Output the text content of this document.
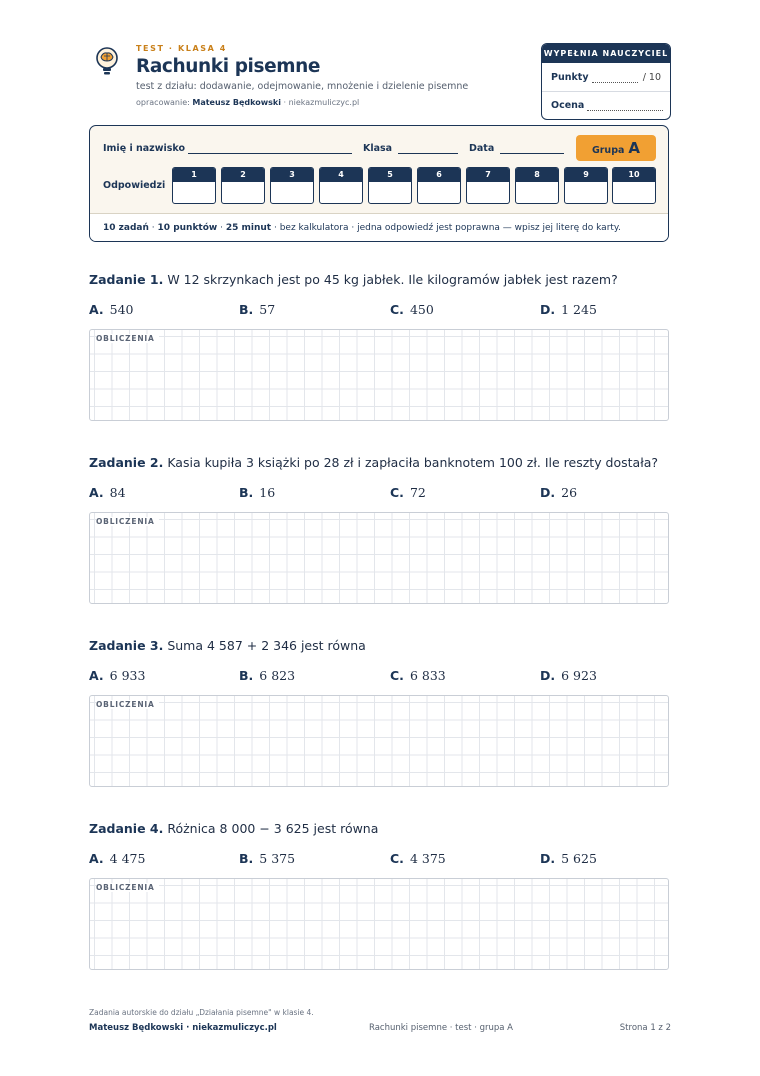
TEST · KLASA 4
Rachunki pisemne
test z działu: dodawanie, odejmowanie, mnożenie i dzielenie pisemne
opracowanie: Mateusz Będkowski · niekazmuliczyc.pl
WYPEŁNIA NAUCZYCIEL
Punkty	/ 10
Ocena
Imię i nazwisko	Klasa	Data	Grupa A
Odpowiedzi
1	2	3	4	5	6	7	8	9	10
10 zadań · 10 punktów · 25 minut · bez kalkulatora · jedna odpowiedź jest poprawna — wpisz jej literę do karty.
Zadanie 1. W 12 skrzynkach jest po 45 kg jabłek. Ile kilogramów jabłek jest razem?
A. 540	B. 57	C. 450	D. 1 245
OBLICZENIA
Zadanie 2. Kasia kupiła 3 książki po 28 zł i zapłaciła banknotem 100 zł. Ile reszty dostała?
A. 84	B. 16	C. 72	D. 26
OBLICZENIA
Zadanie 3. Suma 4 587 + 2 346 jest równa
A. 6 933	B. 6 823	C. 6 833	D. 6 923
OBLICZENIA
Zadanie 4. Różnica 8 000 − 3 625 jest równa
A. 4 475	B. 5 375	C. 4 375	D. 5 625
OBLICZENIA
Zadania autorskie do działu „Działania pisemne" w klasie 4.
Mateusz Będkowski · niekazmuliczyc.pl	Rachunki pisemne · test · grupa A	Strona 1 z 2
